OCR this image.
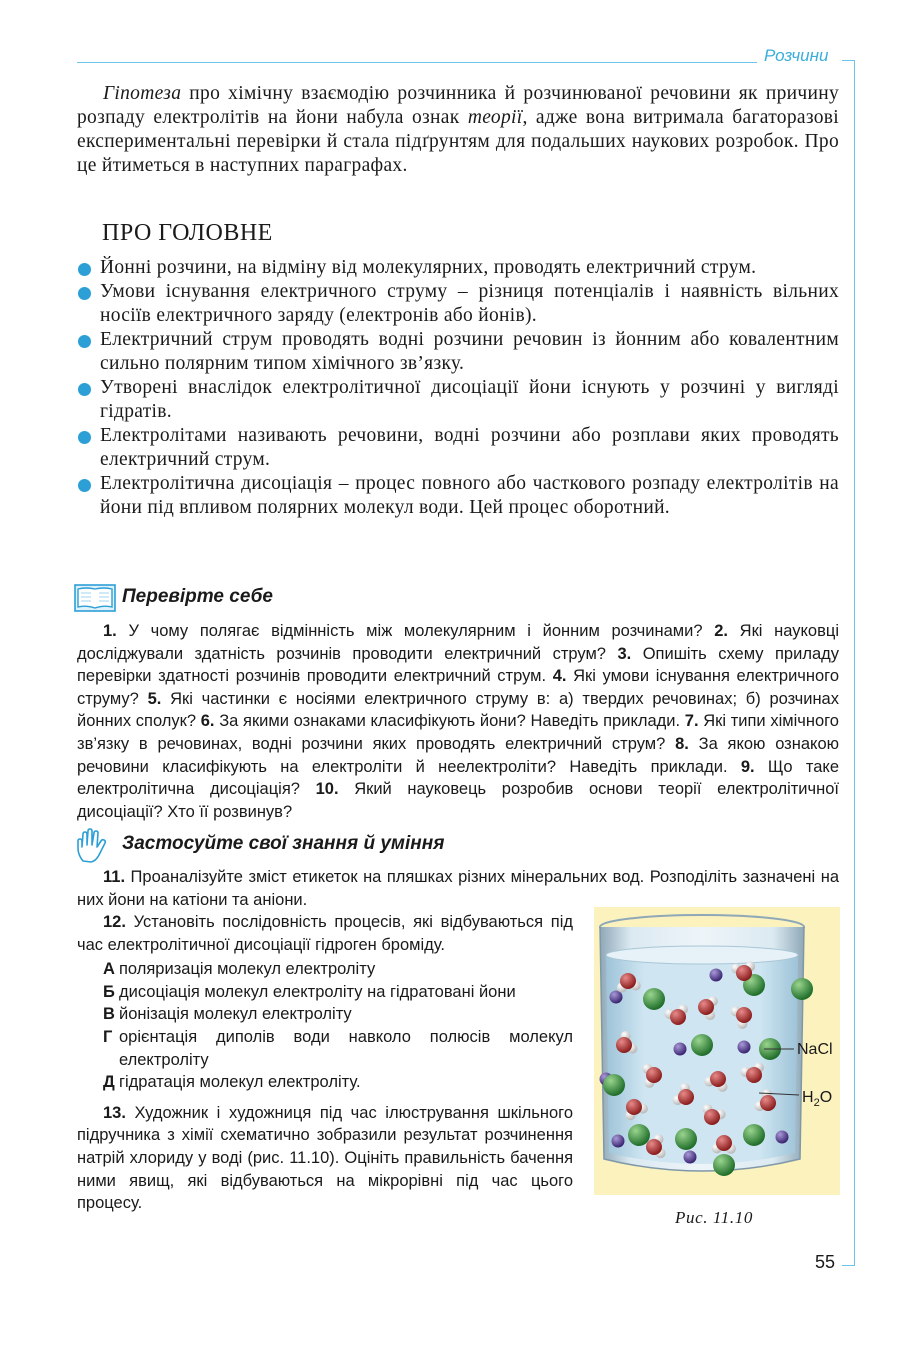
Розчини

Гіпотеза про хімічну взаємодію розчинника й розчинюваної речовини як причину розпаду електролітів на йони набула ознак теорії, адже вона витримала багаторазові експериментальні перевірки й стала підґрунтям для подальших наукових розробок. Про це йтиметься в наступних параграфах.

ПРО ГОЛОВНЕ
Йонні розчини, на відміну від молекулярних, проводять електричний струм.
Умови існування електричного струму – різниця потенціалів і наявність вільних носіїв електричного заряду (електронів або йонів).
Електричний струм проводять водні розчини речовин із йонним або ковалентним сильно полярним типом хімічного зв’язку.
Утворені внаслідок електролітичної дисоціації йони існують у розчині у вигляді гідратів.
Електролітами називають речовини, водні розчини або розплави яких проводять електричний струм.
Електролітична дисоціація – процес повного або часткового розпаду електролітів на йони під впливом полярних молекул води. Цей процес оборотний.
Перевірте себе

1. У чому полягає відмінність між молекулярним і йонним розчинами? 2. Які науковці досліджували здатність розчинів проводити електричний струм? 3. Опишіть схему приладу перевірки здатності розчинів проводити електричний струм. 4. Які умови існування електричного струму? 5. Які частинки є носіями електричного струму в: а) твердих речовинах; б) розчинах йонних сполук? 6. За якими ознаками класифікують йони? Наведіть приклади. 7. Які типи хімічного зв’язку в речовинах, водні розчини яких проводять електричний струм? 8. За якою ознакою речовини класифікують на електроліти й неелектроліти? Наведіть приклади. 9. Що таке електролітична дисоціація? 10. Який науковець розробив основи теорії електролітичної дисоціації? Хто її розвинув?

Застосуйте свої знання й уміння

11. Проаналізуйте зміст етикеток на пляшках різних мінеральних вод. Розподіліть зазначені на них йони на катіони та аніони.

12. Установіть послідовність процесів, які відбуваються під час електролітичної дисоціації гідроген броміду.

А поляризація молекул електроліту
Б дисоціація молекул електроліту на гідратовані йони
В йонізація молекул електроліту
Г орієнтація диполів води навколо полюсів молекул електроліту
Д гідратація молекул електроліту.

13. Художник і художниця під час ілюстрування шкільного підручника з хімії схематично зобразили результат розчинення натрій хлориду у воді (рис. 11.10). Оцініть правильність бачення ними явищ, які відбуваються на мікрорівні під час цього процесу.

NaCl
$H_2O$
Рис. 11.10
55
